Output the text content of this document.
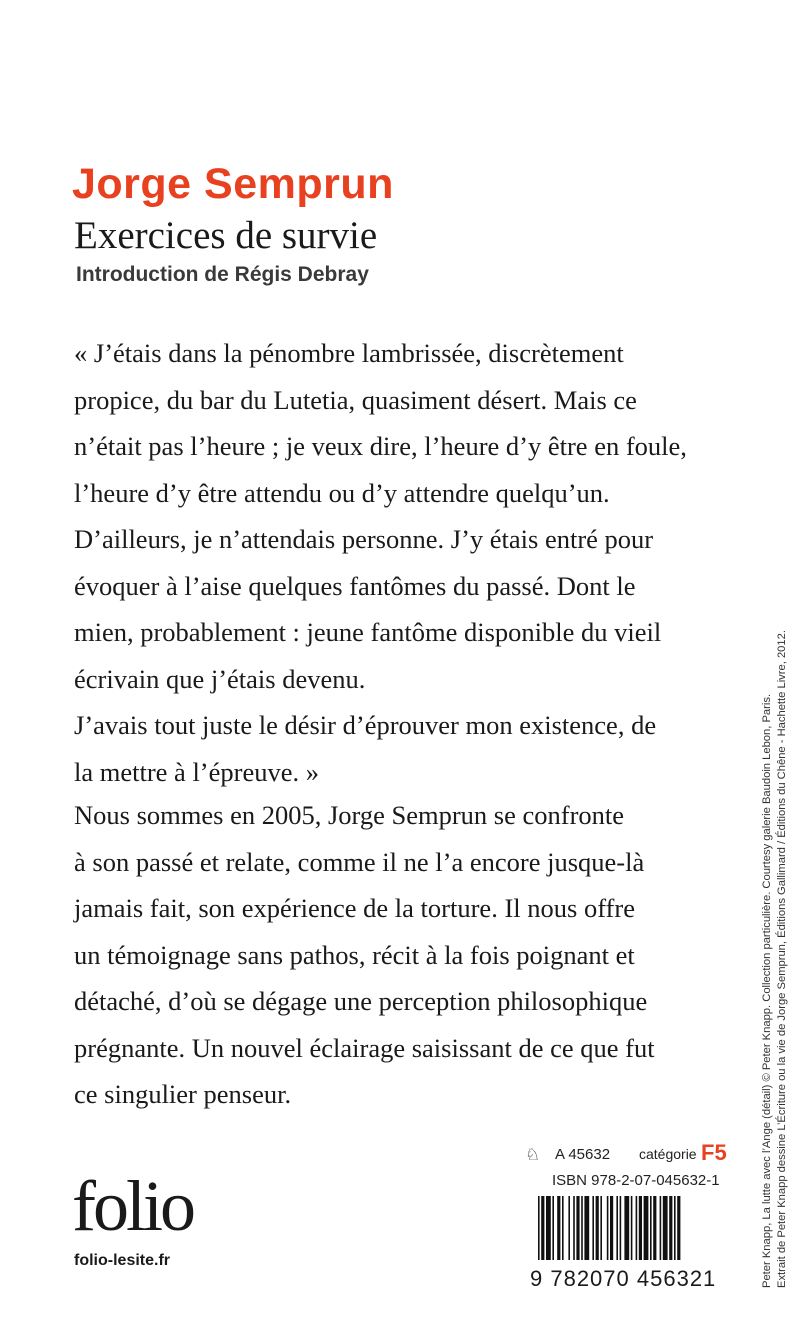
Jorge Semprun
Exercices de survie

Introduction de Régis Debray

« J’étais dans la pénombre lambrissée, discrètement
propice, du bar du Lutetia, quasiment désert. Mais ce
n’était pas l’heure ; je veux dire, l’heure d’y être en foule,
l’heure d’y être attendu ou d’y attendre quelqu’un.
D’ailleurs, je n’attendais personne. J’y étais entré pour
évoquer à l’aise quelques fantômes du passé. Dont le
mien, probablement : jeune fantôme disponible du vieil
écrivain que j’étais devenu.
J’avais tout juste le désir d’éprouver mon existence, de
la mettre à l’épreuve. »
Nous sommes en 2005, Jorge Semprun se confronte
à son passé et relate, comme il ne l’a encore jusque-là
jamais fait, son expérience de la torture. Il nous offre
un témoignage sans pathos, récit à la fois poignant et
détaché, d’où se dégage une perception philosophique
prégnante. Un nouvel éclairage saisissant de ce que fut
ce singulier penseur.	Peter Knapp, La lutte avec l’Ange (détail) © Peter Knapp. Collection particulière. Courtesy galerie Baudoin Lebon, Paris. Extrait de Peter Knapp dessine L’Écriture ou la vie de Jorge Semprun, Éditions Gallimard / Éditions du Chêne - Hachette Livre, 2012.
♘ A 45632 catégorie F5
ISBN 978-2-07-045632-1
9 782070 456321
folio
folio-lesite.fr
